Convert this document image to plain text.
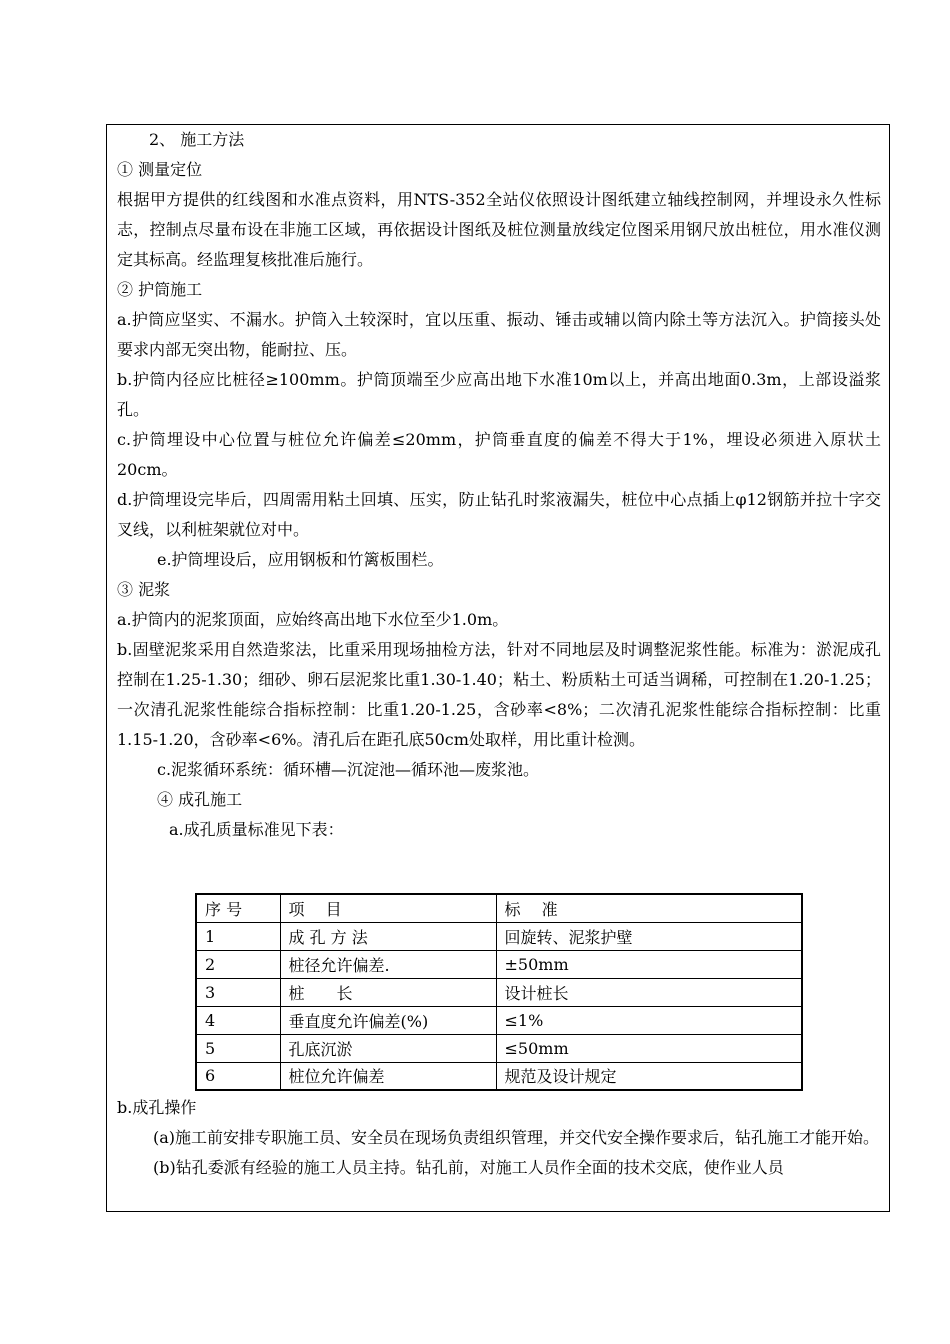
2、 施工方法
① 测量定位
根据甲方提供的红线图和水准点资料，用NTS-352全站仪依照设计图纸建立轴线控制网，并埋设永久性标志，控制点尽量布设在非施工区域，再依据设计图纸及桩位测量放线定位图采用钢尺放出桩位，用水准仪测定其标高。经监理复核批准后施行。
② 护筒施工
a.护筒应坚实、不漏水。护筒入土较深时，宜以压重、振动、锤击或辅以筒内除土等方法沉入。护筒接头处要求内部无突出物，能耐拉、压。
b.护筒内径应比桩径≥100mm。护筒顶端至少应高出地下水准10m以上，并高出地面0.3m，上部设溢浆孔。
c.护筒埋设中心位置与桩位允许偏差≤20mm，护筒垂直度的偏差不得大于1%，埋设必须进入原状土20cm。
d.护筒埋设完毕后，四周需用粘土回填、压实，防止钻孔时浆液漏失，桩位中心点插上φ12钢筋并拉十字交叉线，以利桩架就位对中。
e.护筒埋设后，应用钢板和竹篱板围栏。
③ 泥浆
a.护筒内的泥浆顶面，应始终高出地下水位至少1.0m。
b.固壁泥浆采用自然造浆法，比重采用现场抽检方法，针对不同地层及时调整泥浆性能。标准为：淤泥成孔控制在1.25-1.30；细砂、卵石层泥浆比重1.30-1.40；粘土、粉质粘土可适当调稀，可控制在1.20-1.25；一次清孔泥浆性能综合指标控制：比重1.20-1.25，含砂率<8%；二次清孔泥浆性能综合指标控制：比重1.15-1.20，含砂率<6%。清孔后在距孔底50cm处取样，用比重计检测。
c.泥浆循环系统：循环槽—沉淀池—循环池—废浆池。
④ 成孔施工
a.成孔质量标准见下表：
序 号	项　 目	标　 准
1	成 孔 方 法	回旋转、泥浆护壁
2	桩径允许偏差.	±50mm
3	桩　　长	设计桩长
4	垂直度允许偏差(%)	≤1%
5	孔底沉淤	≤50mm
6	桩位允许偏差	规范及设计规定
b.成孔操作
(a)施工前安排专职施工员、安全员在现场负责组织管理，并交代安全操作要求后，钻孔施工才能开始。
(b)钻孔委派有经验的施工人员主持。钻孔前，对施工人员作全面的技术交底，使作业人员
